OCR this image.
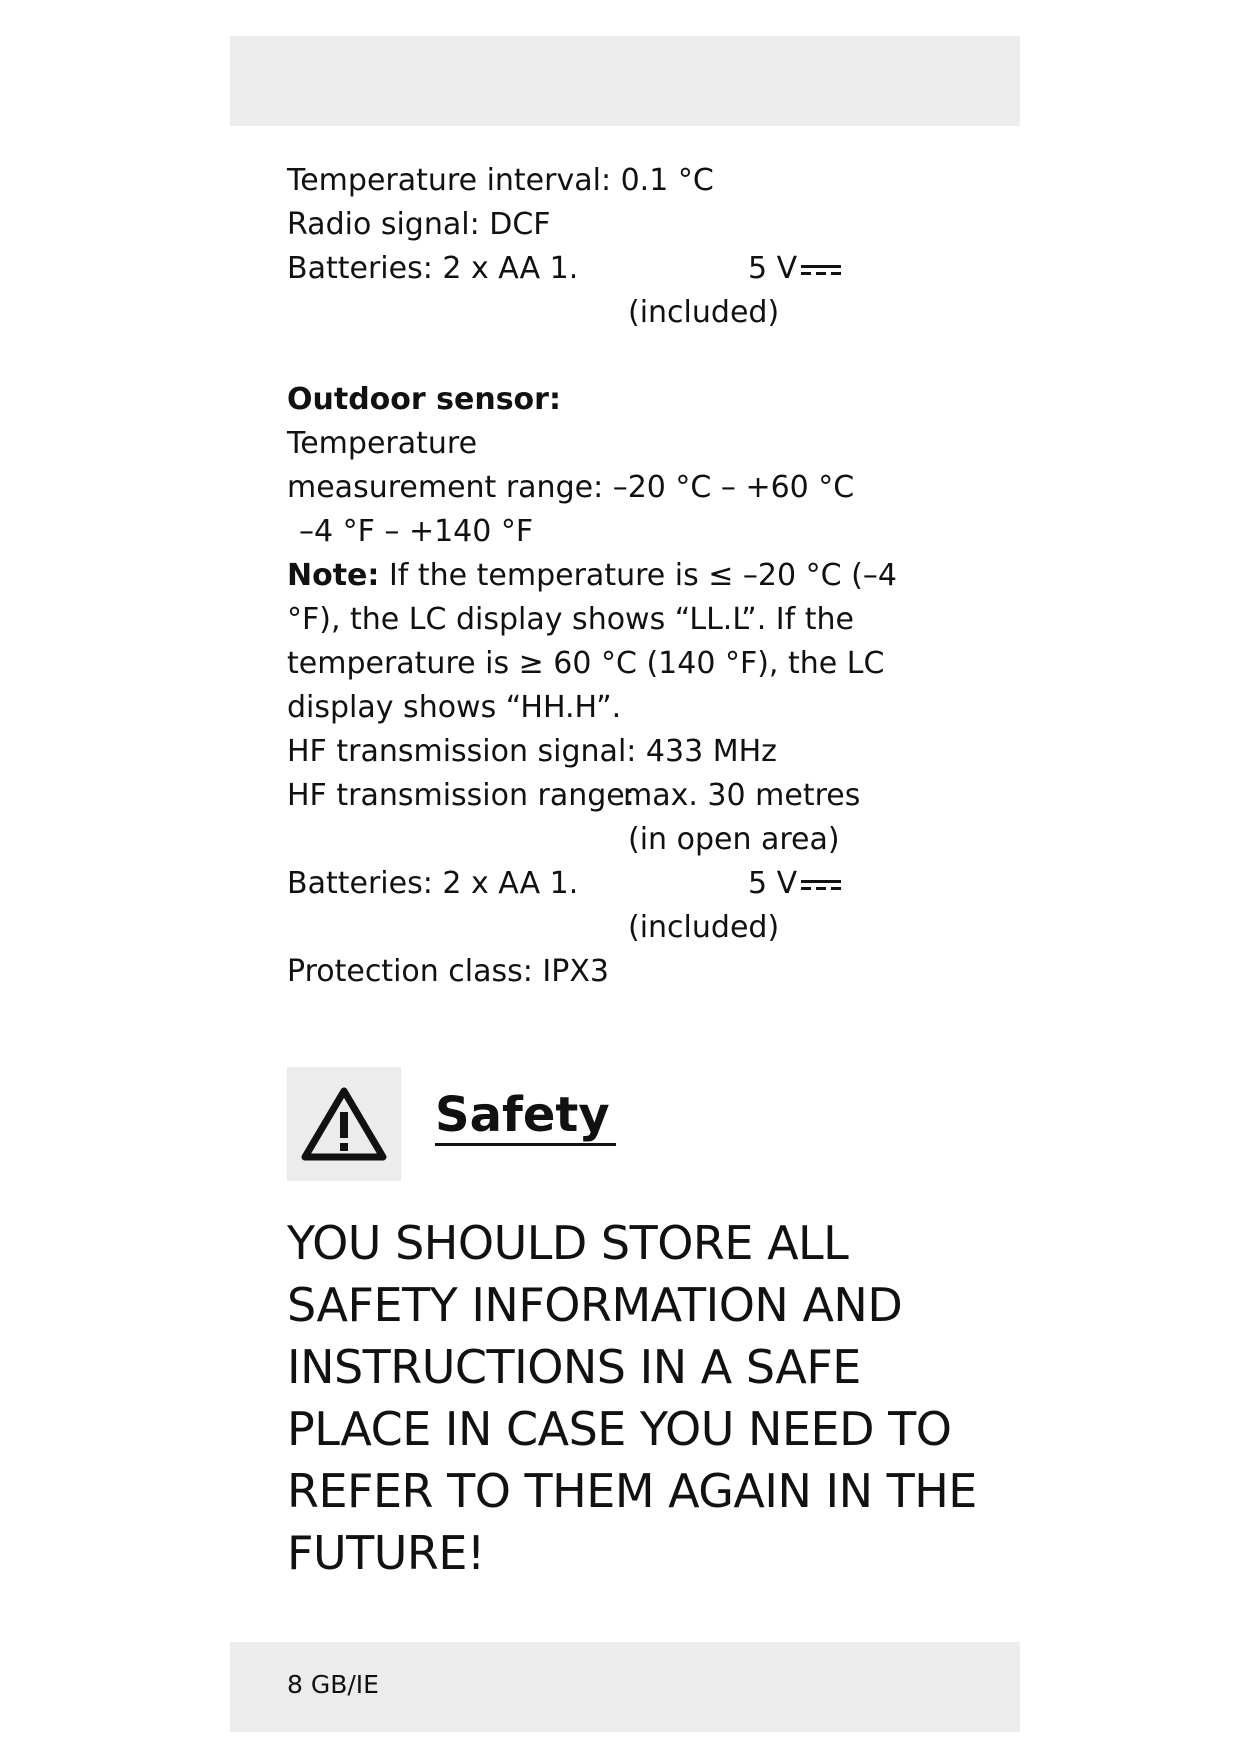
Temperature interval: 0.1 °C
Radio signal: DCF
Batteries: 2 x AA 1.	5 V
(included)
Outdoor sensor:
Temperature
measurement range: –20 °C – +60 °C
–4 °F – +140 °F
Note: If the temperature is ≤ –20 °C (–4 °F), the LC display shows “LL.L”. If the temperature is ≥ 60 °C (140 °F), the LC display shows “HH.H”.
HF transmission signal: 433 MHz
HF transmission range:
max. 30 metres
(in open area)
Batteries: 2 x AA 1.	5 V
(included)
Protection class: IPX3
Safety
YOU SHOULD STORE ALL SAFETY INFORMATION AND INSTRUCTIONS IN A SAFE PLACE IN CASE YOU NEED TO REFER TO THEM AGAIN IN THE FUTURE!
8 GB/IE
